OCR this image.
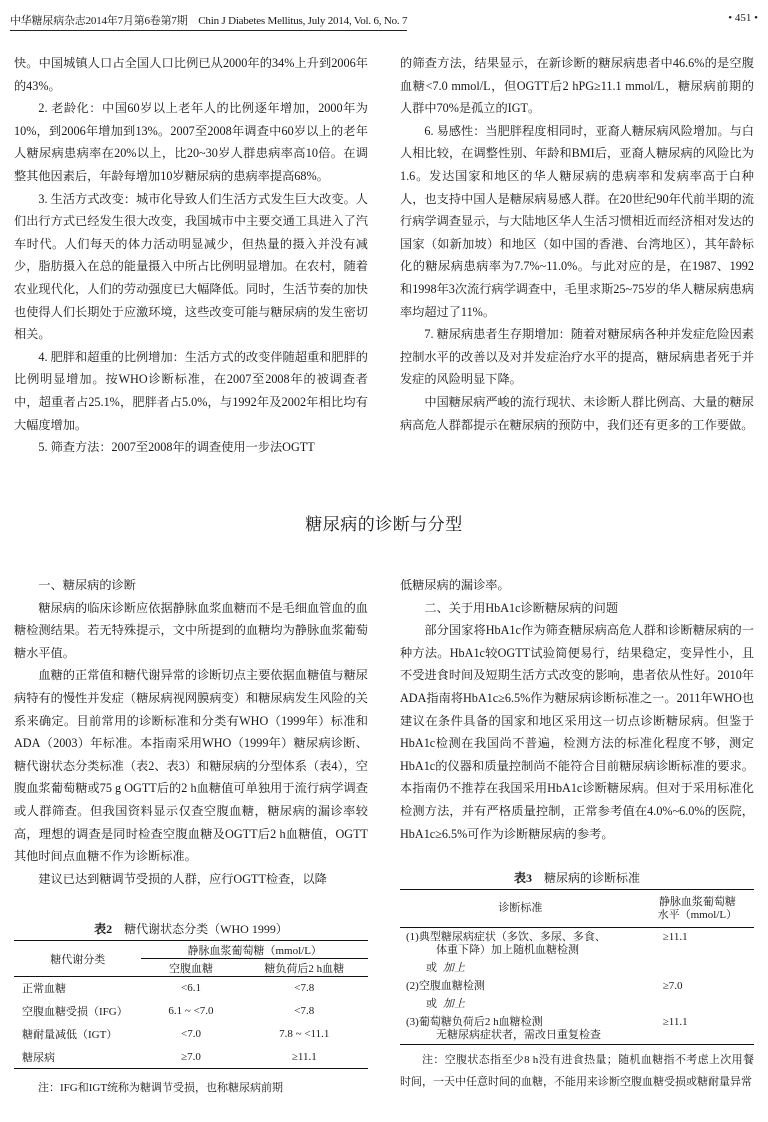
中华糖尿病杂志2014年7月第6卷第7期　Chin J Diabetes Mellitus, July 2014, Vol. 6, No. 7	• 451 •

快。中国城镇人口占全国人口比例已从2000年的34%上升到2006年的43%。

2. 老龄化：中国60岁以上老年人的比例逐年增加，2000年为10%，到2006年增加到13%。2007至2008年调查中60岁以上的老年人糖尿病患病率在20%以上，比20~30岁人群患病率高10倍。在调整其他因素后，年龄每增加10岁糖尿病的患病率提高68%。

3. 生活方式改变：城市化导致人们生活方式发生巨大改变。人们出行方式已经发生很大改变，我国城市中主要交通工具进入了汽车时代。人们每天的体力活动明显减少，但热量的摄入并没有减少，脂肪摄入在总的能量摄入中所占比例明显增加。在农村，随着农业现代化，人们的劳动强度已大幅降低。同时，生活节奏的加快也使得人们长期处于应激环境，这些改变可能与糖尿病的发生密切相关。

4. 肥胖和超重的比例增加：生活方式的改变伴随超重和肥胖的比例明显增加。按WHO诊断标准，在2007至2008年的被调查者中，超重者占25.1%，肥胖者占5.0%，与1992年及2002年相比均有大幅度增加。

5. 筛查方法：2007至2008年的调查使用一步法OGTT

的筛查方法，结果显示，在新诊断的糖尿病患者中46.6%的是空腹血糖<7.0 mmol/L，但OGTT后2 hPG≥11.1 mmol/L，糖尿病前期的人群中70%是孤立的IGT。

6. 易感性：当肥胖程度相同时，亚裔人糖尿病风险增加。与白人相比较，在调整性别、年龄和BMI后，亚裔人糖尿病的风险比为1.6。发达国家和地区的华人糖尿病的患病率和发病率高于白种人，也支持中国人是糖尿病易感人群。在20世纪90年代前半期的流行病学调查显示，与大陆地区华人生活习惯相近而经济相对发达的国家（如新加坡）和地区（如中国的香港、台湾地区），其年龄标化的糖尿病患病率为7.7%~11.0%。与此对应的是，在1987、1992和1998年3次流行病学调查中，毛里求斯25~75岁的华人糖尿病患病率均超过了11%。

7. 糖尿病患者生存期增加：随着对糖尿病各种并发症危险因素控制水平的改善以及对并发症治疗水平的提高，糖尿病患者死于并发症的风险明显下降。

中国糖尿病严峻的流行现状、未诊断人群比例高、大量的糖尿病高危人群都提示在糖尿病的预防中，我们还有更多的工作要做。

糖尿病的诊断与分型

一、糖尿病的诊断

糖尿病的临床诊断应依据静脉血浆血糖而不是毛细血管血的血糖检测结果。若无特殊提示，文中所提到的血糖均为静脉血浆葡萄糖水平值。

血糖的正常值和糖代谢异常的诊断切点主要依据血糖值与糖尿病特有的慢性并发症（糖尿病视网膜病变）和糖尿病发生风险的关系来确定。目前常用的诊断标准和分类有WHO（1999年）标准和ADA（2003）年标准。本指南采用WHO（1999年）糖尿病诊断、糖代谢状态分类标准（表2、表3）和糖尿病的分型体系（表4），空腹血浆葡萄糖或75 g OGTT后的2 h血糖值可单独用于流行病学调查或人群筛查。但我国资料显示仅查空腹血糖，糖尿病的漏诊率较高，理想的调查是同时检查空腹血糖及OGTT后2 h血糖值，OGTT其他时间点血糖不作为诊断标准。

建议已达到糖调节受损的人群，应行OGTT检查，以降

低糖尿病的漏诊率。

二、关于用HbA1c诊断糖尿病的问题

部分国家将HbA1c作为筛查糖尿病高危人群和诊断糖尿病的一种方法。HbA1c较OGTT试验简便易行，结果稳定，变异性小，且不受进食时间及短期生活方式改变的影响，患者依从性好。2010年ADA指南将HbA1c≥6.5%作为糖尿病诊断标准之一。2011年WHO也建议在条件具备的国家和地区采用这一切点诊断糖尿病。但鉴于HbA1c检测在我国尚不普遍，检测方法的标准化程度不够，测定HbA1c的仪器和质量控制尚不能符合目前糖尿病诊断标准的要求。本指南仍不推荐在我国采用HbA1c诊断糖尿病。但对于采用标准化检测方法，并有严格质量控制，正常参考值在4.0%~6.0%的医院，HbA1c≥6.5%可作为诊断糖尿病的参考。

表2 糖代谢状态分类（WHO 1999）
糖代谢分类	静脉血浆葡萄糖（mmol/L）	
	空腹血糖	糖负荷后2 h血糖
正常血糖	<6.1	<7.8
空腹血糖受损（IFG）	6.1 ~ <7.0	<7.8
糖耐量减低（IGT）	<7.0	7.8 ~ <11.1
糖尿病	≥7.0	≥11.1
注：IFG和IGT统称为糖调节受损，也称糖尿病前期
表3 糖尿病的诊断标准
诊断标准	静脉血浆葡萄糖
水平（mmol/L）

(1)典型糖尿病症状（多饮、多尿、多食、
体重下降）加上随机血糖检测	≥11.1
或 加上	
(2)空腹血糖检测	≥7.0
或 加上	
(3)葡萄糖负荷后2 h血糖检测
无糖尿病症状者，需改日重复检查	≥11.1
注：空腹状态指至少8 h没有进食热量；随机血糖指不考虑上次用餐时间，一天中任意时间的血糖，不能用来诊断空腹血糖受损或糖耐量异常
